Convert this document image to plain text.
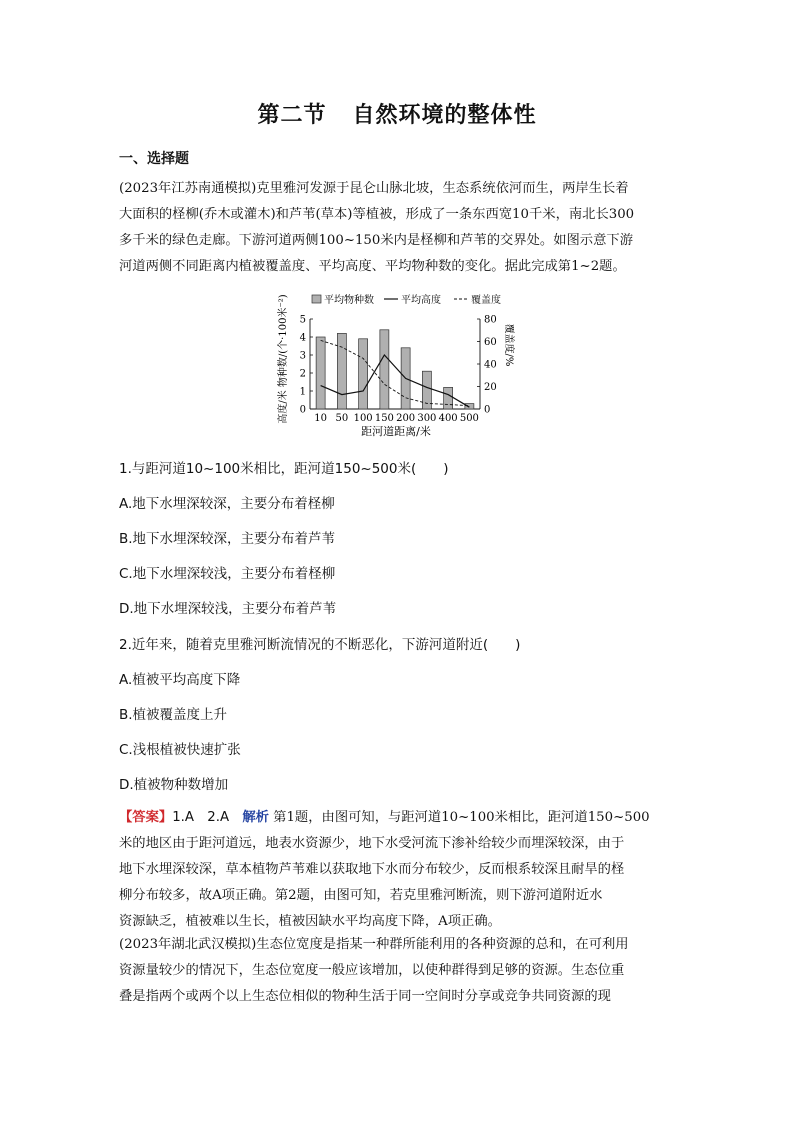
第二节 自然环境的整体性
一、选择题

(2023年江苏南通模拟)克里雅河发源于昆仑山脉北坡，生态系统依河而生，两岸生长着

大面积的柽柳(乔木或灌木)和芦苇(草本)等植被，形成了一条东西宽10千米，南北长300

多千米的绿色走廊。下游河道两侧100~150米内是柽柳和芦苇的交界处。如图示意下游

河道两侧不同距离内植被覆盖度、平均高度、平均物种数的变化。据此完成第1~2题。

平均物种数	平均高度	覆盖度
0
1
2
3
4
5
0
20
40
60
80
10 50 100 150 200 300 400 500
高度/米 物种数/(个·100米⁻²)	覆盖度/%
距河道距离/米
1.与距河道10~100米相比，距河道150~500米(　　)
A.地下水埋深较深，主要分布着柽柳
B.地下水埋深较深，主要分布着芦苇
C.地下水埋深较浅，主要分布着柽柳
D.地下水埋深较浅，主要分布着芦苇
2.近年来，随着克里雅河断流情况的不断恶化，下游河道附近(　　)
A.植被平均高度下降
B.植被覆盖度上升
C.浅根植被快速扩张
D.植被物种数增加

【答案】1.A　2.A　解析 第1题，由图可知，与距河道10~100米相比，距河道150~500

米的地区由于距河道远，地表水资源少，地下水受河流下渗补给较少而埋深较深，由于

地下水埋深较深，草本植物芦苇难以获取地下水而分布较少，反而根系较深且耐旱的柽

柳分布较多，故A项正确。第2题，由图可知，若克里雅河断流，则下游河道附近水

资源缺乏，植被难以生长，植被因缺水平均高度下降，A项正确。

(2023年湖北武汉模拟)生态位宽度是指某一种群所能利用的各种资源的总和，在可利用

资源量较少的情况下，生态位宽度一般应该增加，以使种群得到足够的资源。生态位重

叠是指两个或两个以上生态位相似的物种生活于同一空间时分享或竞争共同资源的现
